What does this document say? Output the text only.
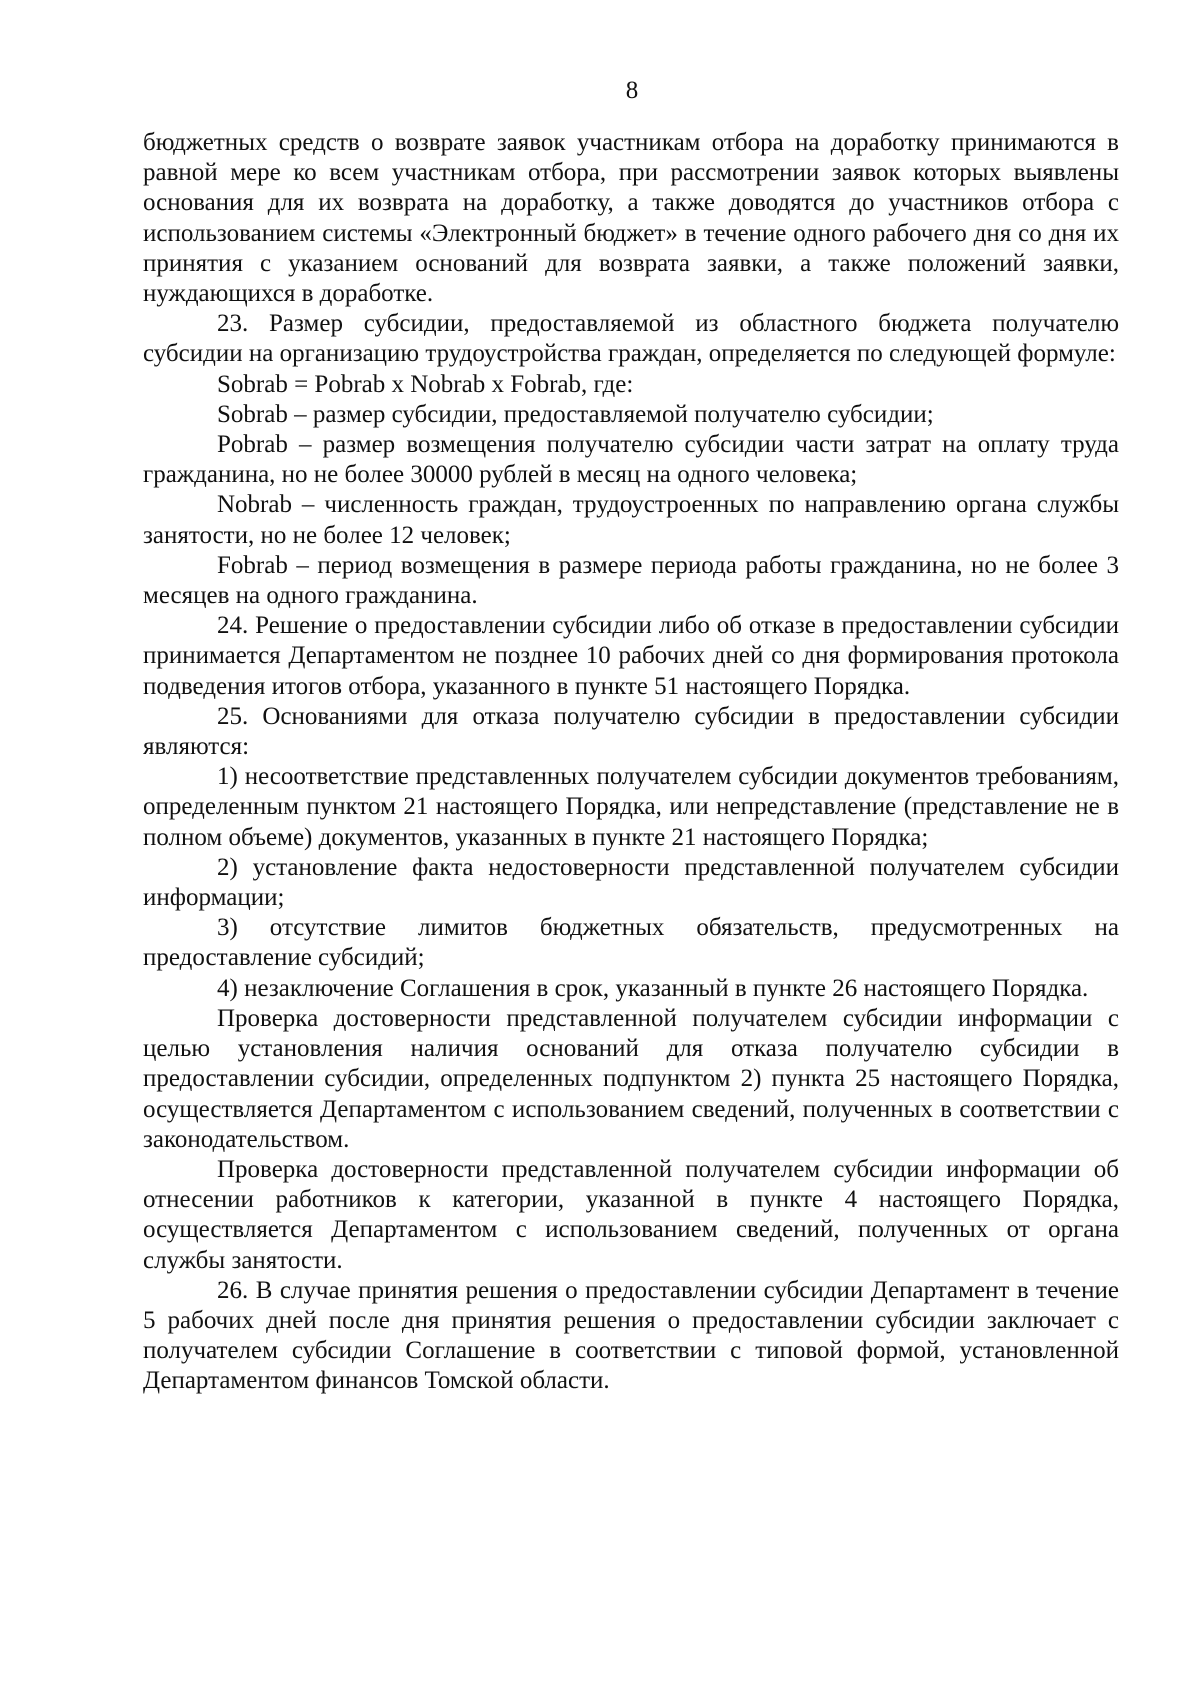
8

бюджетных средств о возврате заявок участникам отбора на доработку принимаются в равной мере ко всем участникам отбора, при рассмотрении заявок которых выявлены основания для их возврата на доработку, а также доводятся до участников отбора с использованием системы «Электронный бюджет» в течение одного рабочего дня со дня их принятия с указанием оснований для возврата заявки, а также положений заявки, нуждающихся в доработке.

23. Размер субсидии, предоставляемой из областного бюджета получателю субсидии на организацию трудоустройства граждан, определяется по следующей формуле:

Sobrab = Pobrab x Nobrab x Fobrab, где:

Sobrab – размер субсидии, предоставляемой получателю субсидии;

Pobrab – размер возмещения получателю субсидии части затрат на оплату труда гражданина, но не более 30000 рублей в месяц на одного человека;

Nobrab – численность граждан, трудоустроенных по направлению органа службы занятости, но не более 12 человек;

Fobrab – период возмещения в размере периода работы гражданина, но не более 3 месяцев на одного гражданина.

24. Решение о предоставлении субсидии либо об отказе в предоставлении субсидии принимается Департаментом не позднее 10 рабочих дней со дня формирования протокола подведения итогов отбора, указанного в пункте 51 настоящего Порядка.

25. Основаниями для отказа получателю субсидии в предоставлении субсидии являются:

1) несоответствие представленных получателем субсидии документов требованиям, определенным пунктом 21 настоящего Порядка, или непредставление (представление не в полном объеме) документов, указанных в пункте 21 настоящего Порядка;

2) установление факта недостоверности представленной получателем субсидии информации;

3) отсутствие лимитов бюджетных обязательств, предусмотренных на предоставление субсидий;

4) незаключение Соглашения в срок, указанный в пункте 26 настоящего Порядка.

Проверка достоверности представленной получателем субсидии информации с целью установления наличия оснований для отказа получателю субсидии в предоставлении субсидии, определенных подпунктом 2) пункта 25 настоящего Порядка, осуществляется Департаментом с использованием сведений, полученных в соответствии с законодательством.

Проверка достоверности представленной получателем субсидии информации об отнесении работников к категории, указанной в пункте 4 настоящего Порядка, осуществляется Департаментом с использованием сведений, полученных от органа службы занятости.

26. В случае принятия решения о предоставлении субсидии Департамент в течение 5 рабочих дней после дня принятия решения о предоставлении субсидии заключает с получателем субсидии Соглашение в соответствии с типовой формой, установленной Департаментом финансов Томской области.
